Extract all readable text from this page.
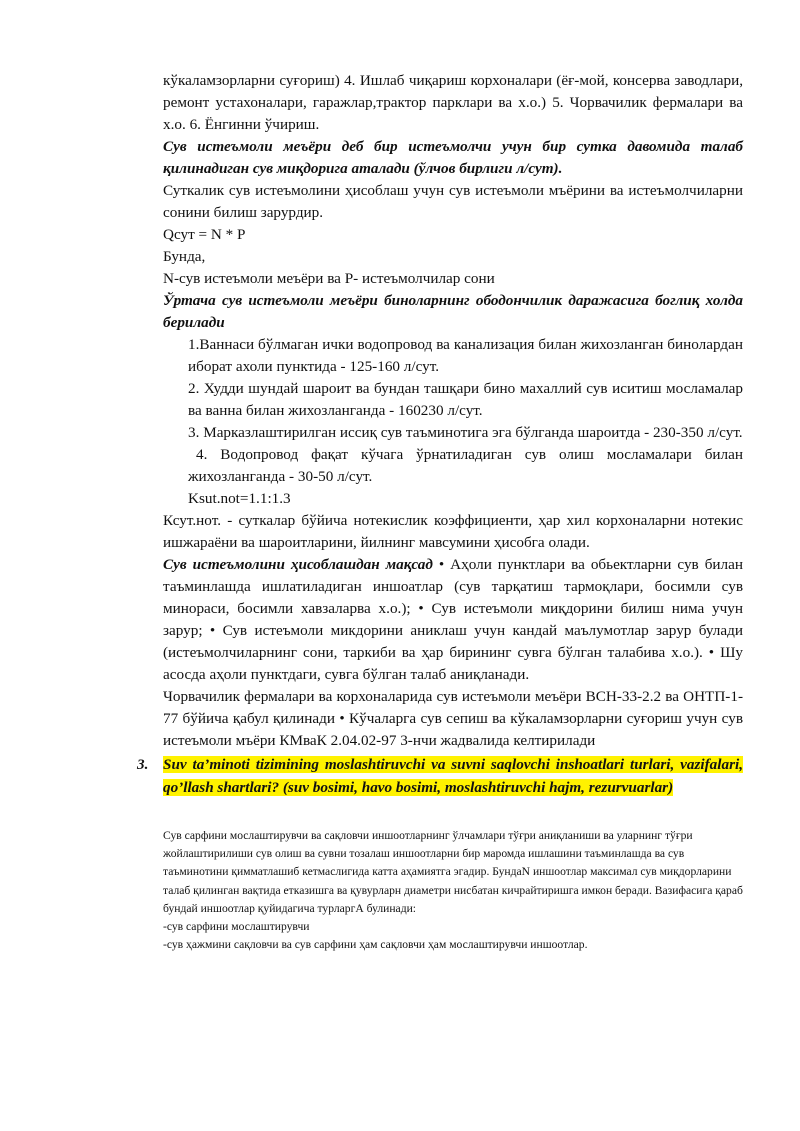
кўкаламзорларни суғориш) 4. Ишлаб чиқариш корхоналари (ёғ-мой, консерва заводлари, ремонт устахоналари, гаражлар,трактор парклари ва х.о.) 5. Чорвачилик фермалари ва х.о. 6. Ёнгинни ўчириш.

Сув истеъмоли меъёри деб бир истеъмолчи учун бир сутка давомида талаб қилинадиган сув миқдорига аталади (ўлчов бирлиги л/сут).

Суткалик сув истеъмолини ҳисоблаш учун сув истеъмоли мъёрини ва истеъмолчиларни сонини билиш зарурдир.

Qсут = N * P

Бунда,

N-сув истеъмоли меъёри ва Р- истеъмолчилар сони

Ўртача сув истеъмоли меъёри биноларнинг ободончилик даражасига боглиқ холда берилади

1.Ваннаси бўлмаган ички водопровод ва канализация билан жихозланган бинолардан иборат ахоли пунктида - 125-160 л/сут.

2. Худди шундай шароит ва бундан ташқари бино махаллий сув иситиш мосламалар ва ванна билан жихозланганда - 160230 л/сут.

3. Марказлаштирилган иссиқ сув таъминотига эга бўлганда шароитда - 230-350 л/сут.

4. Водопровод фақат кўчага ўрнатиладиган сув олиш мосламалари билан жихозланганда - 30-50 л/сут.

Ksut.not=1.1:1.3

Ксут.нот. - суткалар бўйича нотекислик коэффициенти, ҳар хил корхоналарни нотекис ишжараёни ва шароитларини, йилнинг мавсумини ҳисобга олади.

Сув истеъмолини ҳисоблашдан мақсад • Аҳоли пунктлари ва обьектларни сув билан таъминлашда ишлатиладиган иншоатлар (сув тарқатиш тармоқлари, босимли сув минораси, босимли хавзаларва х.о.); • Сув истеъмоли миқдорини билиш нима учун зарур; • Сув истеъмоли микдорини аниклаш учун кандай маълумотлар зарур булади (истеъмолчиларнинг сони, таркиби ва ҳар бирининг сувга бўлган талабива х.о.). • Шу асосда аҳоли пунктдаги, сувга бўлган талаб аниқланади.

Чорвачилик фермалари ва корхоналарида сув истеъмоли меъёри ВСН-33-2.2 ва ОНТП-1-77 бўйича қабул қилинади • Кўчаларга сув сепиш ва кўкаламзорларни суғориш учун сув истеъмоли мъёри КМваК 2.04.02-97 3-нчи жадвалида келтирилади

3. Suv ta’minoti tizimining moslashtiruvchi va suvni saqlovchi inshoatlari turlari, vazifalari, qo’llash shartlari? (suv bosimi, havo bosimi, moslashtiruvchi hajm, rezurvuarlar)

Сув сарфини мослаштирувчи ва сақловчи иншоотларнинг ўлчамлари тўғри аниқланиши ва уларнинг тўғри жойлаштирилиши сув олиш ва сувни тозалаш иншоотларни бир маромда ишлашини таъминлашда ва сув таъминотини қимматлашиб кетмаслигида катта аҳамиятга эгадир. БундаN иншоотлар максимал сув миқдорларини талаб қилинган вақтида етказишга ва қувурларн диаметри нисбатан кичрайтиришга имкон беради. Вазифасига қараб бундай иншоотлар қуйидагича турларгА булинади:

-сув сарфини мослаштирувчи

-сув ҳажмини сақловчи ва сув сарфини ҳам сақловчи ҳам мослаштирувчи иншоотлар.
